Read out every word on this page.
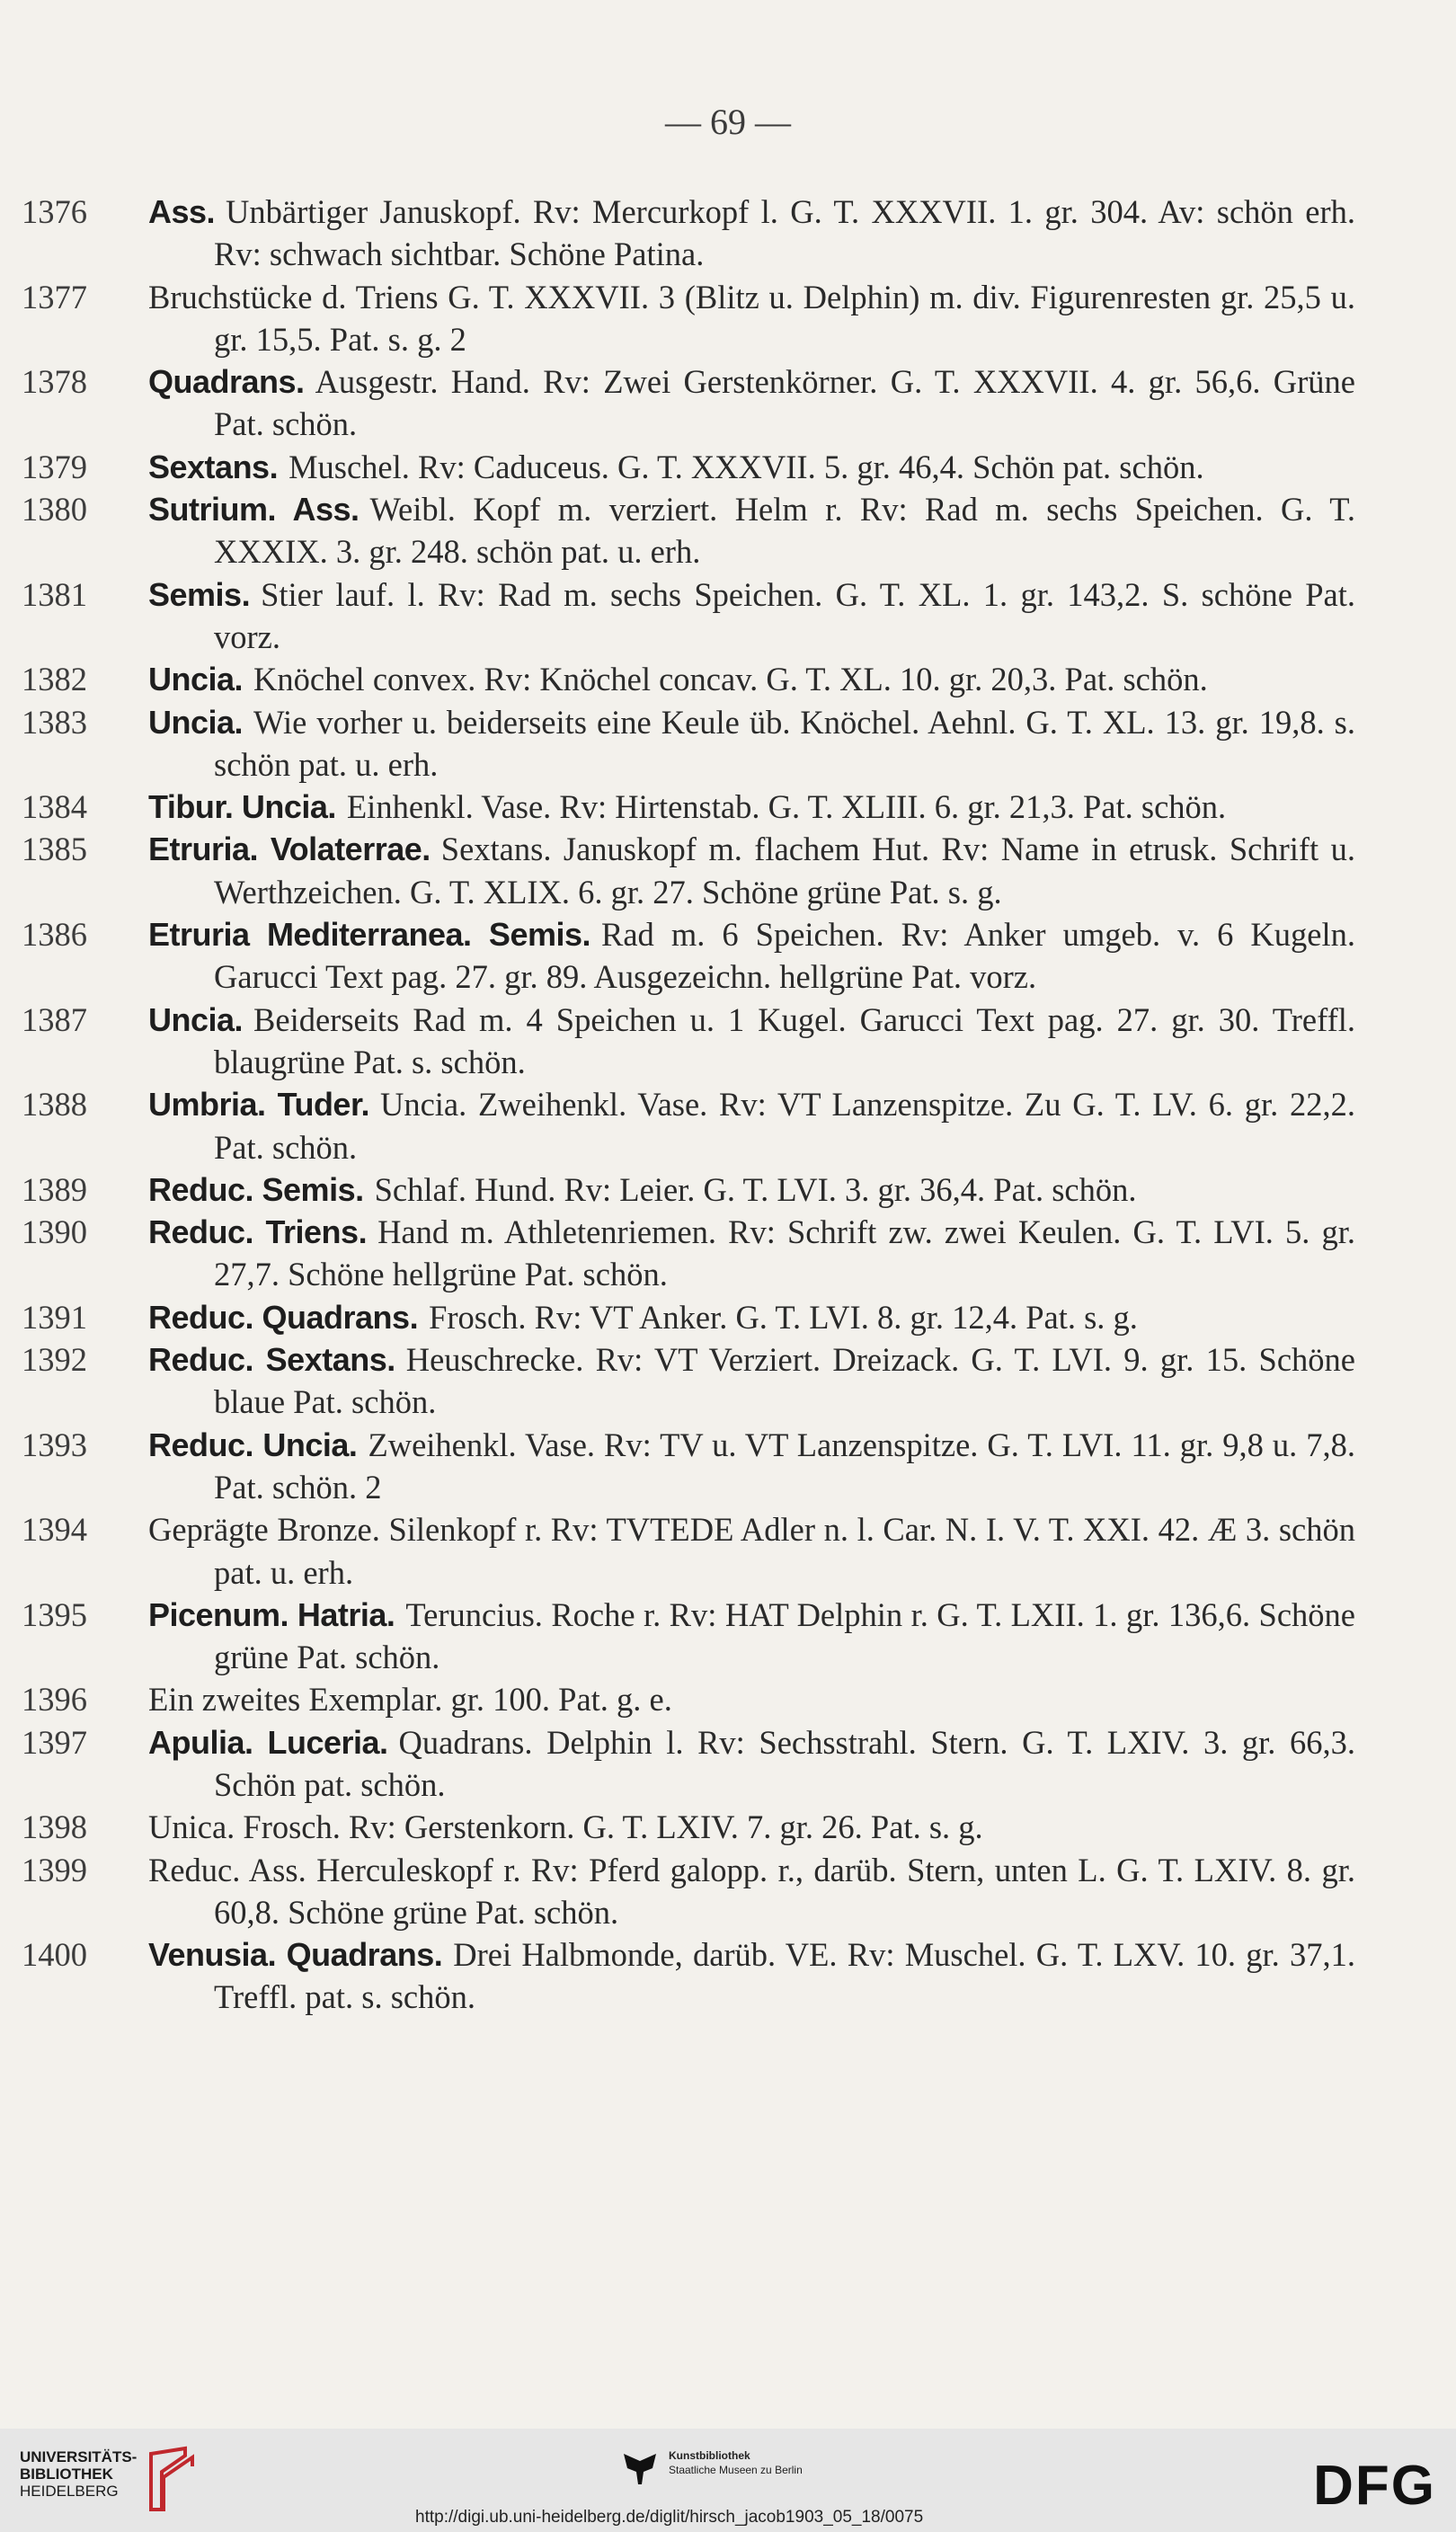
— 69 —
1376 Ass. Unbärtiger Januskopf. Rv: Mercurkopf l. G. T. XXXVII. 1. gr. 304. Av: schön erh. Rv: schwach sichtbar. Schöne Patina.
1377 Bruchstücke d. Triens G. T. XXXVII. 3 (Blitz u. Delphin) m. div. Figurenresten gr. 25,5 u. gr. 15,5. Pat. s. g. 2
1378 Quadrans. Ausgestr. Hand. Rv: Zwei Gerstenkörner. G. T. XXXVII. 4. gr. 56,6. Grüne Pat. schön.
1379 Sextans. Muschel. Rv: Caduceus. G. T. XXXVII. 5. gr. 46,4. Schön pat. schön.
1380 Sutrium. Ass. Weibl. Kopf m. verziert. Helm r. Rv: Rad m. sechs Speichen. G. T. XXXIX. 3. gr. 248. schön pat. u. erh.
1381 Semis. Stier lauf. l. Rv: Rad m. sechs Speichen. G. T. XL. 1. gr. 143,2. S. schöne Pat. vorz.
1382 Uncia. Knöchel convex. Rv: Knöchel concav. G. T. XL. 10. gr. 20,3. Pat. schön.
1383 Uncia. Wie vorher u. beiderseits eine Keule üb. Knöchel. Aehnl. G. T. XL. 13. gr. 19,8. s. schön pat. u. erh.
1384 Tibur. Uncia. Einhenkl. Vase. Rv: Hirtenstab. G. T. XLIII. 6. gr. 21,3. Pat. schön.
1385 Etruria. Volaterrae. Sextans. Januskopf m. flachem Hut. Rv: Name in etrusk. Schrift u. Werthzeichen. G. T. XLIX. 6. gr. 27. Schöne grüne Pat. s. g.
1386 Etruria Mediterranea. Semis. Rad m. 6 Speichen. Rv: Anker umgeb. v. 6 Kugeln. Garucci Text pag. 27. gr. 89. Ausgezeichn. hellgrüne Pat. vorz.
1387 Uncia. Beiderseits Rad m. 4 Speichen u. 1 Kugel. Garucci Text pag. 27. gr. 30. Treffl. blaugrüne Pat. s. schön.
1388 Umbria. Tuder. Uncia. Zweihenkl. Vase. Rv: VT Lanzenspitze. Zu G. T. LV. 6. gr. 22,2. Pat. schön.
1389 Reduc. Semis. Schlaf. Hund. Rv: Leier. G. T. LVI. 3. gr. 36,4. Pat. schön.
1390 Reduc. Triens. Hand m. Athletenriemen. Rv: Schrift zw. zwei Keulen. G. T. LVI. 5. gr. 27,7. Schöne hellgrüne Pat. schön.
1391 Reduc. Quadrans. Frosch. Rv: VT Anker. G. T. LVI. 8. gr. 12,4. Pat. s. g.
1392 Reduc. Sextans. Heuschrecke. Rv: VT Verziert. Dreizack. G. T. LVI. 9. gr. 15. Schöne blaue Pat. schön.
1393 Reduc. Uncia. Zweihenkl. Vase. Rv: TV u. VT Lanzenspitze. G. T. LVI. 11. gr. 9,8 u. 7,8. Pat. schön. 2
1394 Geprägte Bronze. Silenkopf r. Rv: TVTEDE Adler n. l. Car. N. I. V. T. XXI. 42. Æ 3. schön pat. u. erh.
1395 Picenum. Hatria. Teruncius. Roche r. Rv: HAT Delphin r. G. T. LXII. 1. gr. 136,6. Schöne grüne Pat. schön.
1396 Ein zweites Exemplar. gr. 100. Pat. g. e.
1397 Apulia. Luceria. Quadrans. Delphin l. Rv: Sechsstrahl. Stern. G. T. LXIV. 3. gr. 66,3. Schön pat. schön.
1398 Unica. Frosch. Rv: Gerstenkorn. G. T. LXIV. 7. gr. 26. Pat. s. g.
1399 Reduc. Ass. Herculeskopf r. Rv: Pferd galopp. r., darüb. Stern, unten L. G. T. LXIV. 8. gr. 60,8. Schöne grüne Pat. schön.
1400 Venusia. Quadrans. Drei Halbmonde, darüb. VE. Rv: Muschel. G. T. LXV. 10. gr. 37,1. Treffl. pat. s. schön.
UNIVERSITÄTS-
BIBLIOTHEK
HEIDELBERG
Kunstbibliothek
Staatliche Museen zu Berlin	DFG
http://digi.ub.uni-heidelberg.de/diglit/hirsch_jacob1903_05_18/0075
